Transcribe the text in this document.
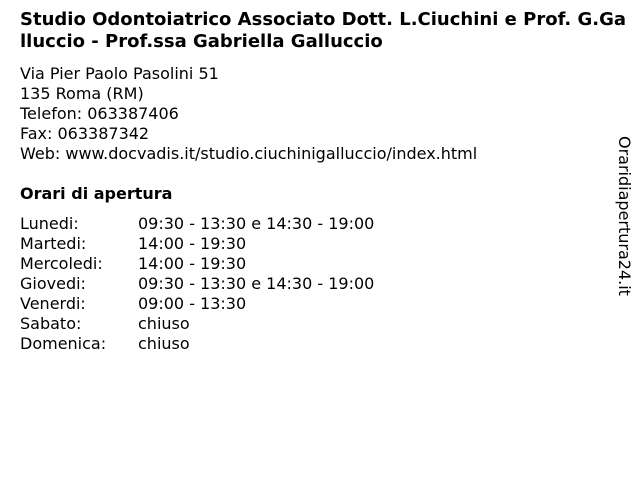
Studio Odontoiatrico Associato Dott. L.Ciuchini e Prof. G.Galluccio - Prof.ssa Gabriella Galluccio
Via Pier Paolo Pasolini 51
135 Roma (RM)
Telefon: 063387406
Fax: 063387342
Web: www.docvadis.it/studio.ciuchinigalluccio/index.html
Orari di apertura
Lunedi:	09:30 - 13:30 e 14:30 - 19:00
Martedi:	14:00 - 19:30
Mercoledi:	14:00 - 19:30
Giovedi:	09:30 - 13:30 e 14:30 - 19:00
Venerdi:	09:00 - 13:30
Sabato:	chiuso
Domenica:	chiuso
Oraridiapertura24.it
